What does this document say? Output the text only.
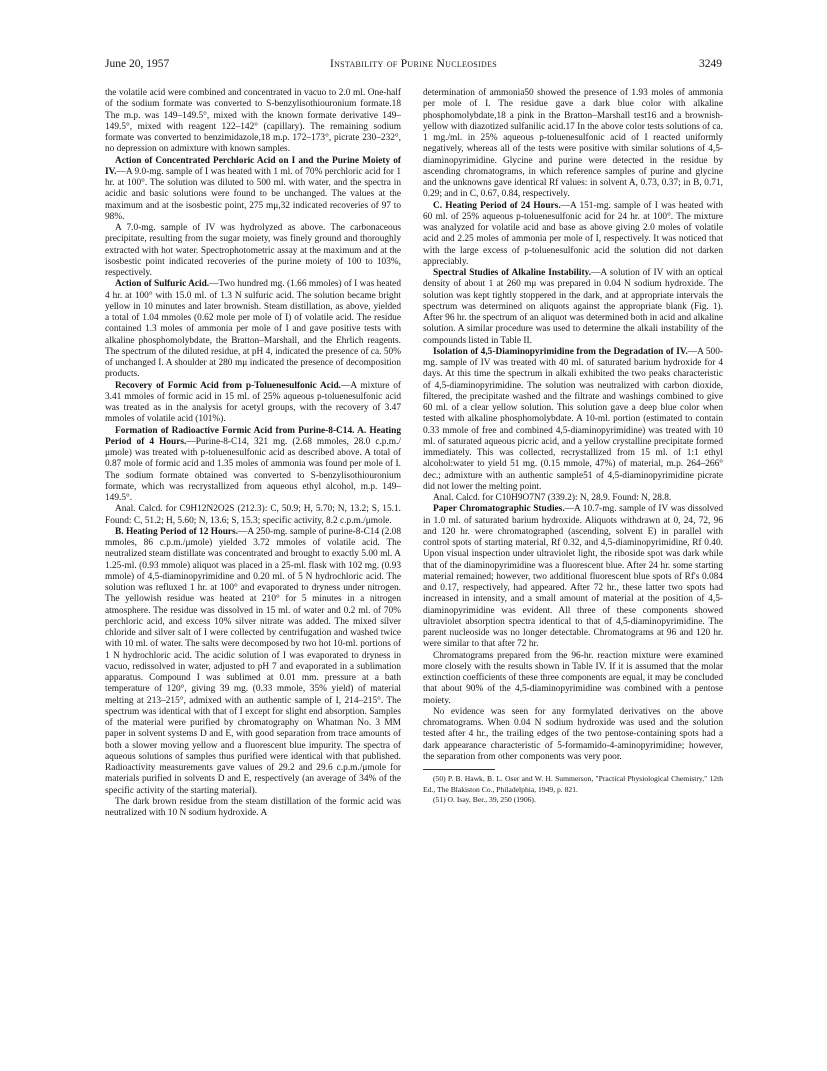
June 20, 1957	Instability of Purine Nucleosides	3249

the volatile acid were combined and concentrated in vacuo to 2.0 ml. One-half of the sodium formate was converted to S-benzylisothiouronium formate.18 The m.p. was 149–149.5°, mixed with the known formate derivative 149–149.5°, mixed with reagent 122–142° (capillary). The remaining sodium formate was converted to benzimidazole,18 m.p. 172–173°, picrate 230–232°, no depression on admixture with known samples.

Action of Concentrated Perchloric Acid on I and the Purine Moiety of IV.—A 9.0-mg. sample of I was heated with 1 ml. of 70% perchloric acid for 1 hr. at 100°. The solution was diluted to 500 ml. with water, and the spectra in acidic and basic solutions were found to be unchanged. The values at the maximum and at the isosbestic point, 275 mμ,32 indicated recoveries of 97 to 98%.

A 7.0-mg. sample of IV was hydrolyzed as above. The carbonaceous precipitate, resulting from the sugar moiety, was finely ground and thoroughly extracted with hot water. Spectrophotometric assay at the maximum and at the isosbestic point indicated recoveries of the purine moiety of 100 to 103%, respectively.

Action of Sulfuric Acid.—Two hundred mg. (1.66 mmoles) of I was heated 4 hr. at 100° with 15.0 ml. of 1.3 N sulfuric acid. The solution became bright yellow in 10 minutes and later brownish. Steam distillation, as above, yielded a total of 1.04 mmoles (0.62 mole per mole of I) of volatile acid. The residue contained 1.3 moles of ammonia per mole of I and gave positive tests with alkaline phosphomolybdate, the Bratton–Marshall, and the Ehrlich reagents. The spectrum of the diluted residue, at pH 4, indicated the presence of ca. 50% of unchanged I. A shoulder at 280 mμ indicated the presence of decomposition products.

Recovery of Formic Acid from p-Toluenesulfonic Acid.—A mixture of 3.41 mmoles of formic acid in 15 ml. of 25% aqueous p-toluenesulfonic acid was treated as in the analysis for acetyl groups, with the recovery of 3.47 mmoles of volatile acid (101%).

Formation of Radioactive Formic Acid from Purine-8-C14. A. Heating Period of 4 Hours.—Purine-8-C14, 321 mg. (2.68 mmoles, 28.0 c.p.m./μmole) was treated with p-toluenesulfonic acid as described above. A total of 0.87 mole of formic acid and 1.35 moles of ammonia was found per mole of I. The sodium formate obtained was converted to S-benzylisothiouronium formate, which was recrystallized from aqueous ethyl alcohol, m.p. 149–149.5°.

Anal. Calcd. for C9H12N2O2S (212.3): C, 50.9; H, 5.70; N, 13.2; S, 15.1. Found: C, 51.2; H, 5.60; N, 13.6; S, 15.3; specific activity, 8.2 c.p.m./μmole.

B. Heating Period of 12 Hours.—A 250-mg. sample of purine-8-C14 (2.08 mmoles, 86 c.p.m./μmole) yielded 3.72 mmoles of volatile acid. The neutralized steam distillate was concentrated and brought to exactly 5.00 ml. A 1.25-ml. (0.93 mmole) aliquot was placed in a 25-ml. flask with 102 mg. (0.93 mmole) of 4,5-diaminopyrimidine and 0.20 ml. of 5 N hydrochloric acid. The solution was refluxed 1 hr. at 100° and evaporated to dryness under nitrogen. The yellowish residue was heated at 210° for 5 minutes in a nitrogen atmosphere. The residue was dissolved in 15 ml. of water and 0.2 ml. of 70% perchloric acid, and excess 10% silver nitrate was added. The mixed silver chloride and silver salt of I were collected by centrifugation and washed twice with 10 ml. of water. The salts were decomposed by two hot 10-ml. portions of 1 N hydrochloric acid. The acidic solution of I was evaporated to dryness in vacuo, redissolved in water, adjusted to pH 7 and evaporated in a sublimation apparatus. Compound I was sublimed at 0.01 mm. pressure at a bath temperature of 120°, giving 39 mg. (0.33 mmole, 35% yield) of material melting at 213–215°, admixed with an authentic sample of I, 214–215°. The spectrum was identical with that of I except for slight end absorption. Samples of the material were purified by chromatography on Whatman No. 3 MM paper in solvent systems D and E, with good separation from trace amounts of both a slower moving yellow and a fluorescent blue impurity. The spectra of aqueous solutions of samples thus purified were identical with that published. Radioactivity measurements gave values of 29.2 and 29.6 c.p.m./μmole for materials purified in solvents D and E, respectively (an average of 34% of the specific activity of the starting material).

The dark brown residue from the steam distillation of the formic acid was neutralized with 10 N sodium hydroxide. A

determination of ammonia50 showed the presence of 1.93 moles of ammonia per mole of I. The residue gave a dark blue color with alkaline phosphomolybdate,18 a pink in the Bratton–Marshall test16 and a brownish-yellow with diazotized sulfanilic acid.17 In the above color tests solutions of ca. 1 mg./ml. in 25% aqueous p-toluenesulfonic acid of I reacted uniformly negatively, whereas all of the tests were positive with similar solutions of 4,5-diaminopyrimidine. Glycine and purine were detected in the residue by ascending chromatograms, in which reference samples of purine and glycine and the unknowns gave identical Rf values: in solvent A, 0.73, 0.37; in B, 0.71, 0.29; and in C, 0.67, 0.84, respectively.

C. Heating Period of 24 Hours.—A 151-mg. sample of I was heated with 60 ml. of 25% aqueous p-toluenesulfonic acid for 24 hr. at 100°. The mixture was analyzed for volatile acid and base as above giving 2.0 moles of volatile acid and 2.25 moles of ammonia per mole of I, respectively. It was noticed that with the large excess of p-toluenesulfonic acid the solution did not darken appreciably.

Spectral Studies of Alkaline Instability.—A solution of IV with an optical density of about 1 at 260 mμ was prepared in 0.04 N sodium hydroxide. The solution was kept tightly stoppered in the dark, and at appropriate intervals the spectrum was determined on aliquots against the appropriate blank (Fig. 1). After 96 hr. the spectrum of an aliquot was determined both in acid and alkaline solution. A similar procedure was used to determine the alkali instability of the compounds listed in Table II.

Isolation of 4,5-Diaminopyrimidine from the Degradation of IV.—A 500-mg. sample of IV was treated with 40 ml. of saturated barium hydroxide for 4 days. At this time the spectrum in alkali exhibited the two peaks characteristic of 4,5-diaminopyrimidine. The solution was neutralized with carbon dioxide, filtered, the precipitate washed and the filtrate and washings combined to give 60 ml. of a clear yellow solution. This solution gave a deep blue color when tested with alkaline phosphomolybdate. A 10-ml. portion (estimated to contain 0.33 mmole of free and combined 4,5-diaminopyrimidine) was treated with 10 ml. of saturated aqueous picric acid, and a yellow crystalline precipitate formed immediately. This was collected, recrystallized from 15 ml. of 1:1 ethyl alcohol:water to yield 51 mg. (0.15 mmole, 47%) of material, m.p. 264–266° dec.; admixture with an authentic sample51 of 4,5-diaminopyrimidine picrate did not lower the melting point.

Anal. Calcd. for C10H9O7N7 (339.2): N, 28.9. Found: N, 28.8.

Paper Chromatographic Studies.—A 10.7-mg. sample of IV was dissolved in 1.0 ml. of saturated barium hydroxide. Aliquots withdrawn at 0, 24, 72, 96 and 120 hr. were chromatographed (ascending, solvent E) in parallel with control spots of starting material, Rf 0.32, and 4,5-diaminopyrimidine, Rf 0.40. Upon visual inspection under ultraviolet light, the riboside spot was dark while that of the diaminopyrimidine was a fluorescent blue. After 24 hr. some starting material remained; however, two additional fluorescent blue spots of Rf's 0.084 and 0.17, respectively, had appeared. After 72 hr., these latter two spots had increased in intensity, and a small amount of material at the position of 4,5-diaminopyrimidine was evident. All three of these components showed ultraviolet absorption spectra identical to that of 4,5-diaminopyrimidine. The parent nucleoside was no longer detectable. Chromatograms at 96 and 120 hr. were similar to that after 72 hr.

Chromatograms prepared from the 96-hr. reaction mixture were examined more closely with the results shown in Table IV. If it is assumed that the molar extinction coefficients of these three components are equal, it may be concluded that about 90% of the 4,5-diaminopyrimidine was combined with a pentose moiety.

No evidence was seen for any formylated derivatives on the above chromatograms. When 0.04 N sodium hydroxide was used and the solution tested after 4 hr., the trailing edges of the two pentose-containing spots had a dark appearance characteristic of 5-formamido-4-aminopyrimidine; however, the separation from other components was very poor.

(50) P. B. Hawk, B. L. Oser and W. H. Summerson, "Practical Physiological Chemistry," 12th Ed., The Blakiston Co., Philadelphia, 1949, p. 821.

(51) O. Isay, Ber., 39, 250 (1906).
